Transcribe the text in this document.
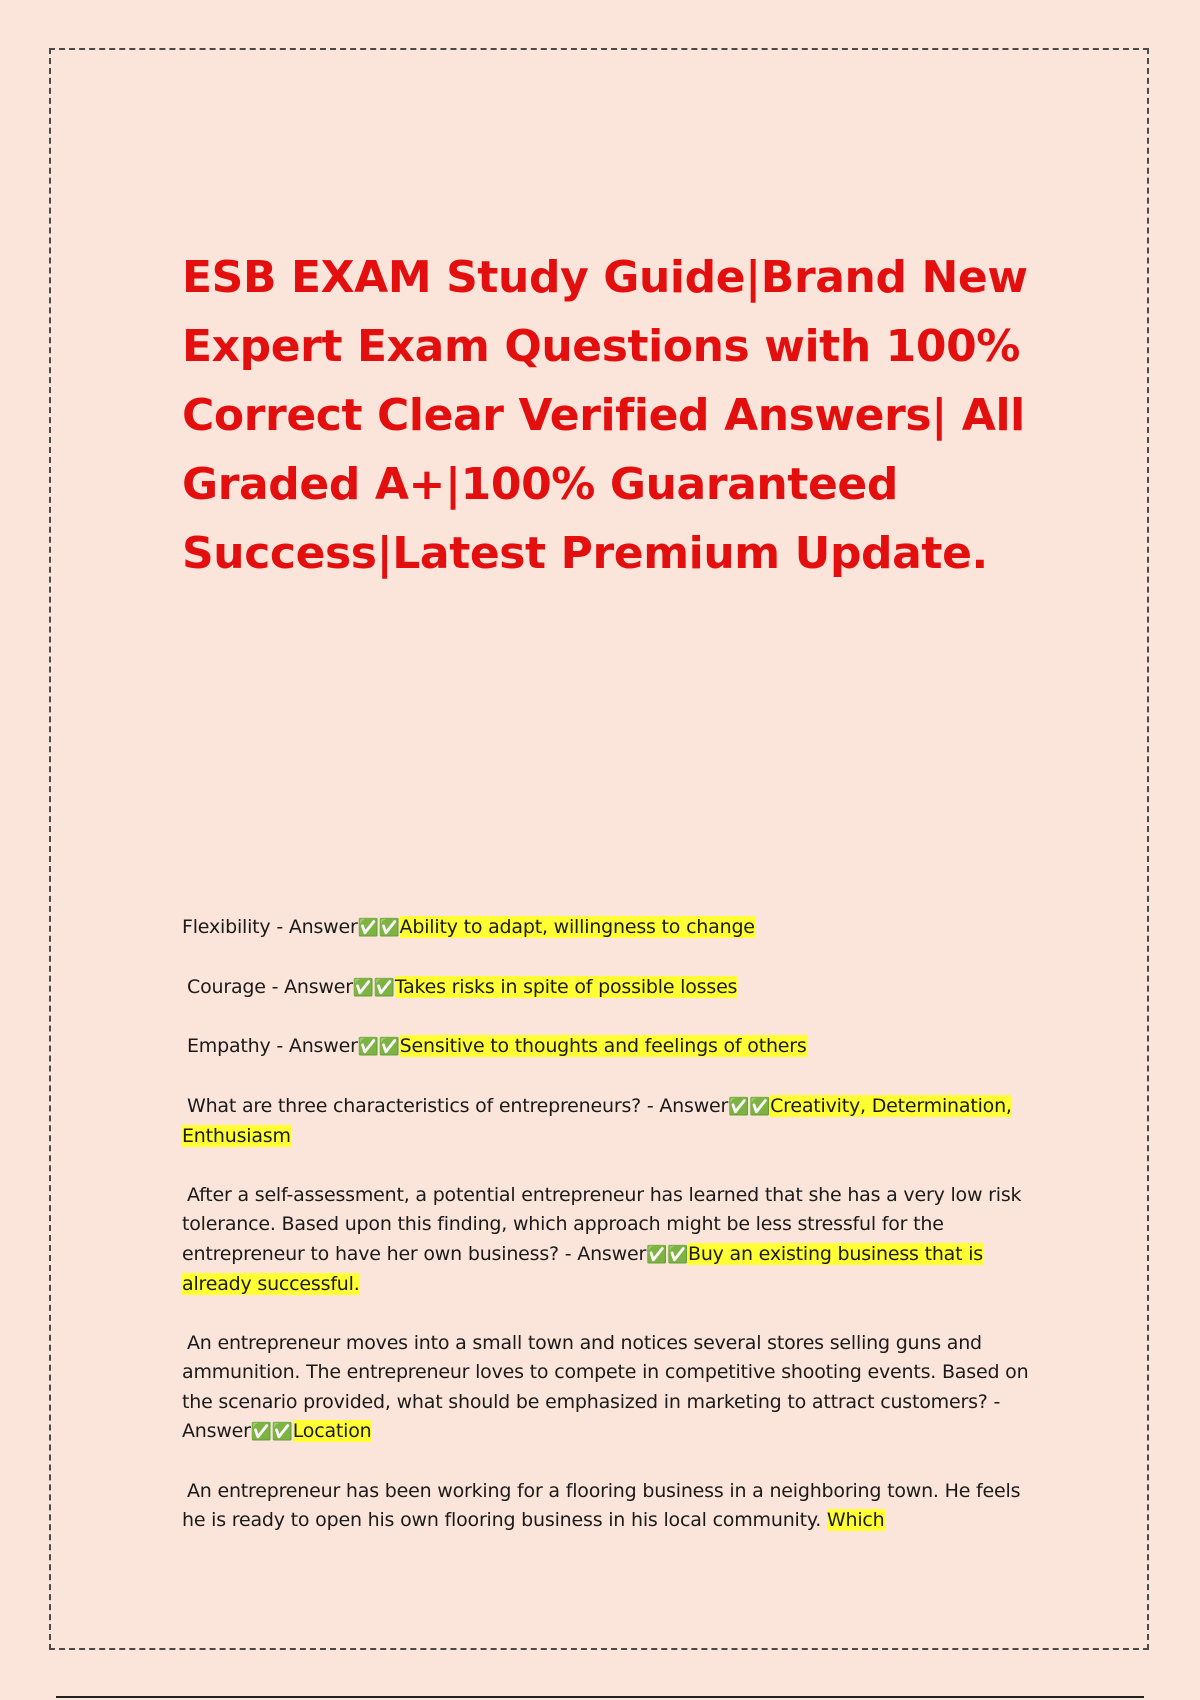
ESB EXAM Study Guide|Brand New Expert Exam Questions with 100% Correct Clear Verified Answers| All Graded A+|100% Guaranteed Success|Latest Premium Update.

Flexibility - Answer✅✅Ability to adapt, willingness to change

Courage - Answer✅✅Takes risks in spite of possible losses

Empathy - Answer✅✅Sensitive to thoughts and feelings of others

What are three characteristics of entrepreneurs? - Answer✅✅Creativity, Determination, Enthusiasm

After a self-assessment, a potential entrepreneur has learned that she has a very low risk tolerance. Based upon this finding, which approach might be less stressful for the entrepreneur to have her own business? - Answer✅✅Buy an existing business that is already successful.

An entrepreneur moves into a small town and notices several stores selling guns and ammunition. The entrepreneur loves to compete in competitive shooting events. Based on the scenario provided, what should be emphasized in marketing to attract customers? - Answer✅✅Location

An entrepreneur has been working for a flooring business in a neighboring town. He feels he is ready to open his own flooring business in his local community. Which
